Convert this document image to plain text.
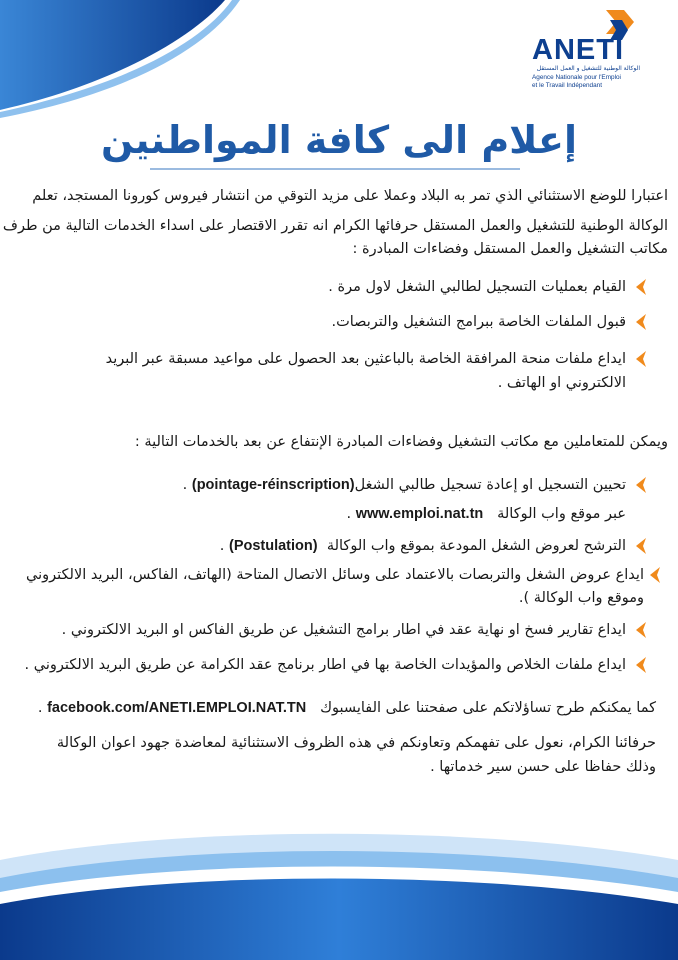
ANETI
الوكالة الوطنية للتشغيل و العمل المستقل
Agence Nationale pour l'Emploi
et le Travail Indépendant
إعلام الى كافة المواطنين
اعتبارا للوضع الاستثنائي الذي تمر به البلاد وعملا على مزيد التوقي من انتشار فيروس كورونا المستجد، تعلم
الوكالة الوطنية للتشغيل والعمل المستقل حرفائها الكرام انه تقرر الاقتصار على اسداء الخدمات التالية من طرف
مكاتب التشغيل والعمل المستقل وفضاءات المبادرة :
القيام بعمليات التسجيل لطالبي الشغل لاول مرة .
قبول الملفات الخاصة ببرامج التشغيل والتربصات.
ايداع ملفات منحة المرافقة الخاصة بالباعثين بعد الحصول على مواعيد مسبقة عبر البريد
الالكتروني او الهاتف .
ويمكن للمتعاملين مع مكاتب التشغيل وفضاءات المبادرة الإنتفاع عن بعد بالخدمات التالية :
تحيين التسجيل او إعادة تسجيل طالبي الشغل(pointage-réinscription) .
عبر موقع واب الوكالة   www.emploi.nat.tn .
الترشح لعروض الشغل المودعة بموقع واب الوكالة  (Postulation) .
ايداع عروض الشغل والتربصات بالاعتماد على وسائل الاتصال المتاحة (الهاتف، الفاكس، البريد الالكتروني
وموقع واب الوكالة ).
ايداع تقارير فسخ او نهاية عقد في اطار برامج التشغيل عن طريق الفاكس او البريد الالكتروني .
ايداع ملفات الخلاص والمؤيدات الخاصة بها في اطار برنامج عقد الكرامة عن طريق البريد الالكتروني .
كما يمكنكم طرح تساؤلاتكم على صفحتنا على الفايسبوك   facebook.com/ANETI.EMPLOI.NAT.TN .
حرفائنا الكرام، نعول على تفهمكم وتعاونكم في هذه الظروف الاستثنائية لمعاضدة جهود اعوان الوكالة
وذلك حفاظا على حسن سير خدماتها .
